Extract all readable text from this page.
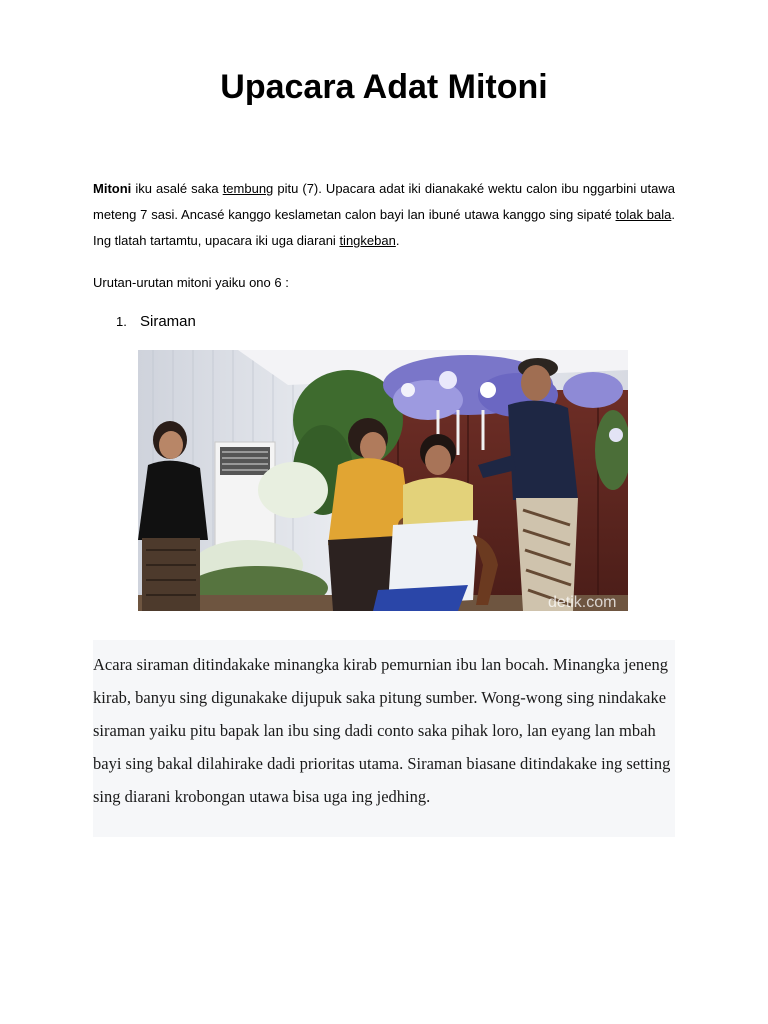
Upacara Adat Mitoni

Mitoni iku asalé saka tembung pitu (7). Upacara adat iki dianakaké wektu calon ibu nggarbini utawa meteng 7 sasi. Ancasé kanggo keslametan calon bayi lan ibuné utawa kanggo sing sipaté tolak bala. Ing tlatah tartamtu, upacara iki uga diarani tingkeban.

Urutan-urutan mitoni yaiku ono 6 :

1. Siraman
detik.com

Acara siraman ditindakake minangka kirab pemurnian ibu lan bocah. Minangka jeneng kirab, banyu sing digunakake dijupuk saka pitung sumber. Wong-wong sing nindakake siraman yaiku pitu bapak lan ibu sing dadi conto saka pihak loro, lan eyang lan mbah bayi sing bakal dilahirake dadi prioritas utama. Siraman biasane ditindakake ing setting sing diarani krobongan utawa bisa uga ing jedhing.
